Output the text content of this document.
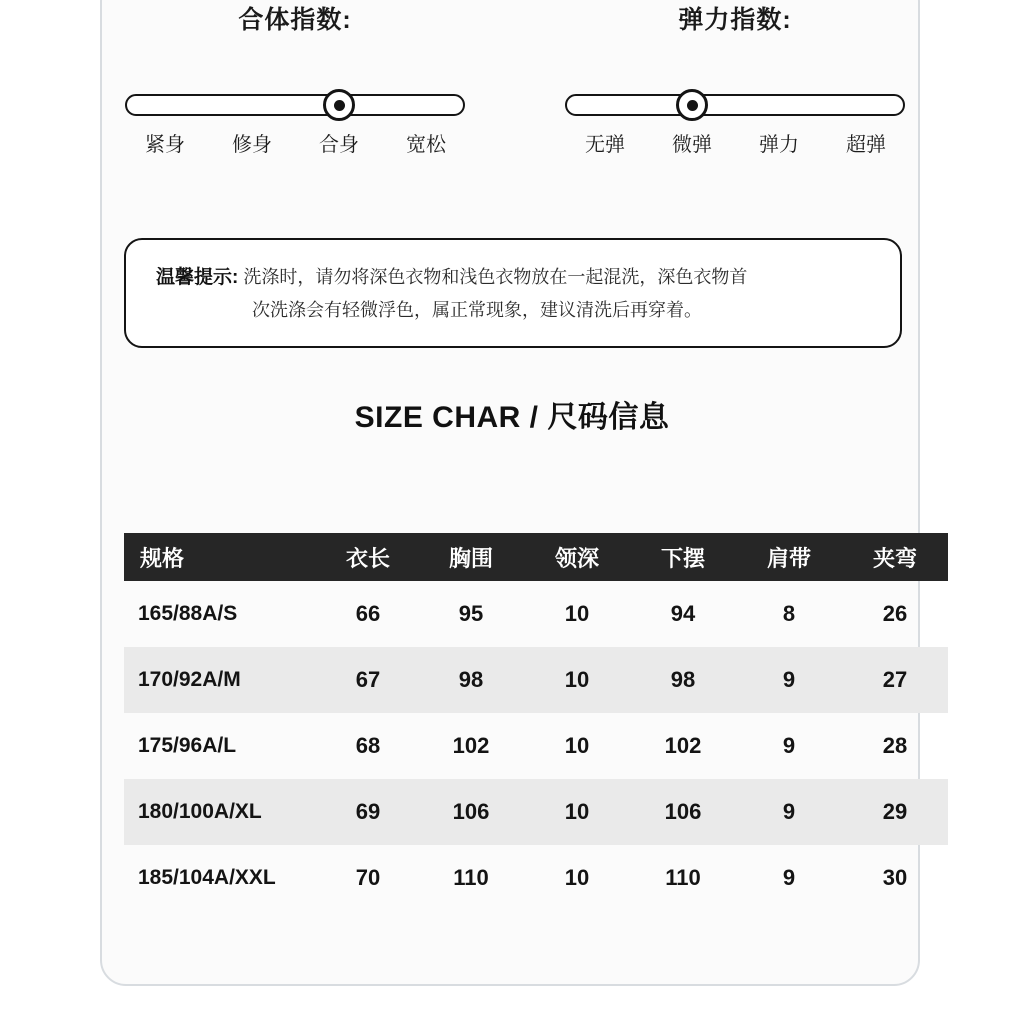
合体指数:
紧身	修身	合身	宽松
弹力指数:
无弹	微弹	弹力	超弹
温馨提示: 洗涤时，请勿将深色衣物和浅色衣物放在一起混洗，深色衣物首
次洗涤会有轻微浮色，属正常现象，建议清洗后再穿着。
SIZE CHAR / 尺码信息
规格	衣长	胸围	领深	下摆	肩带	夹弯
165/88A/S	66	95	10	94	8	26
170/92A/M	67	98	10	98	9	27
175/96A/L	68	102	10	102	9	28
180/100A/XL	69	106	10	106	9	29
185/104A/XXL	70	110	10	110	9	30
